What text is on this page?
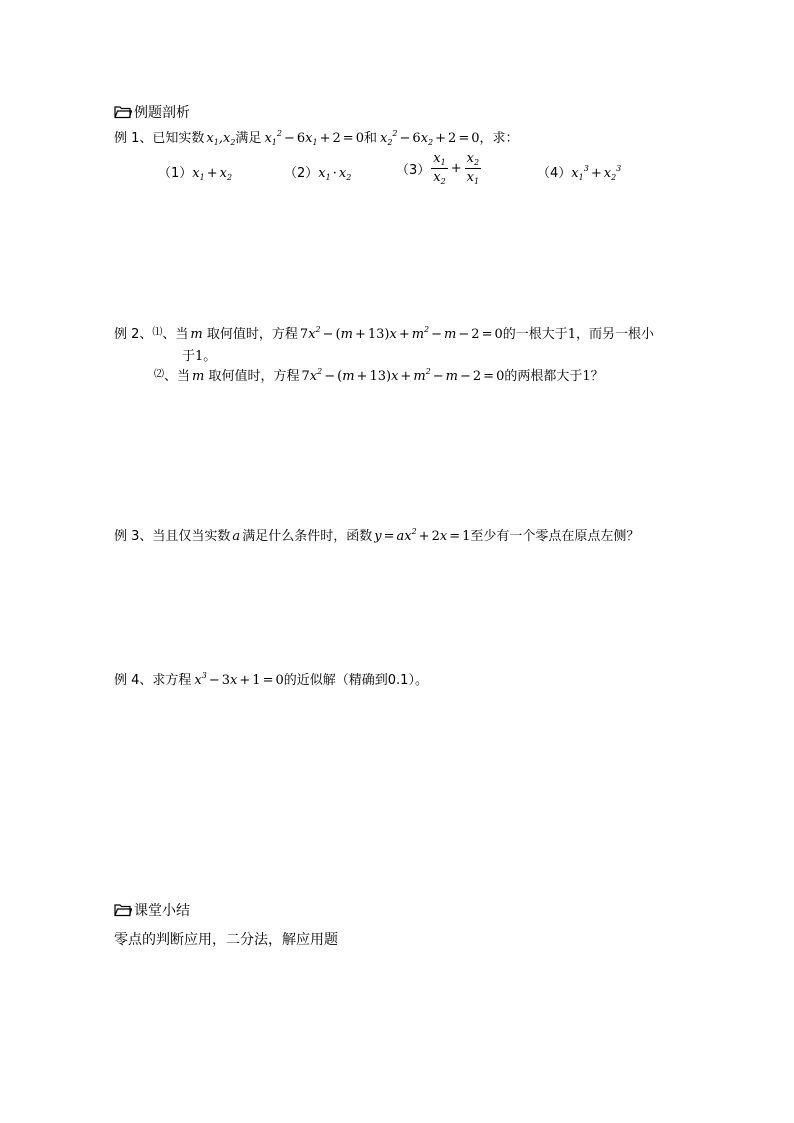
例题剖析
例 1、已知实数 $x_1,x_2$满足 $x_1^2 - 6x_1 + 2 = 0$和 $x_2^2 - 6x_2 + 2 = 0$，求：
$(1)x_1 + x_2$	$(2)x_1 \cdot x_2$	$(3) \frac{x_1}{x_2} + \frac{x_2}{x_1}$	$(4)x_1^3 + x_2^3$
例 2、⑴、当 m 取何值时，方程 $7x^2 - (m + 13)x + m^2 - m - 2 = 0$的一根大于1，而另一根小
于1。
⑵、当 m 取何值时，方程 $7x^2 - (m + 13)x + m^2 - m - 2 = 0$的两根都大于1？
例 3、当且仅当实数 a 满足什么条件时，函数 $y = ax^2 + 2x = 1$至少有一个零点在原点左侧？
例 4、求方程 $x^3 - 3x + 1 = 0$的近似解（精确到0.1）。
课堂小结
零点的判断应用，二分法，解应用题
